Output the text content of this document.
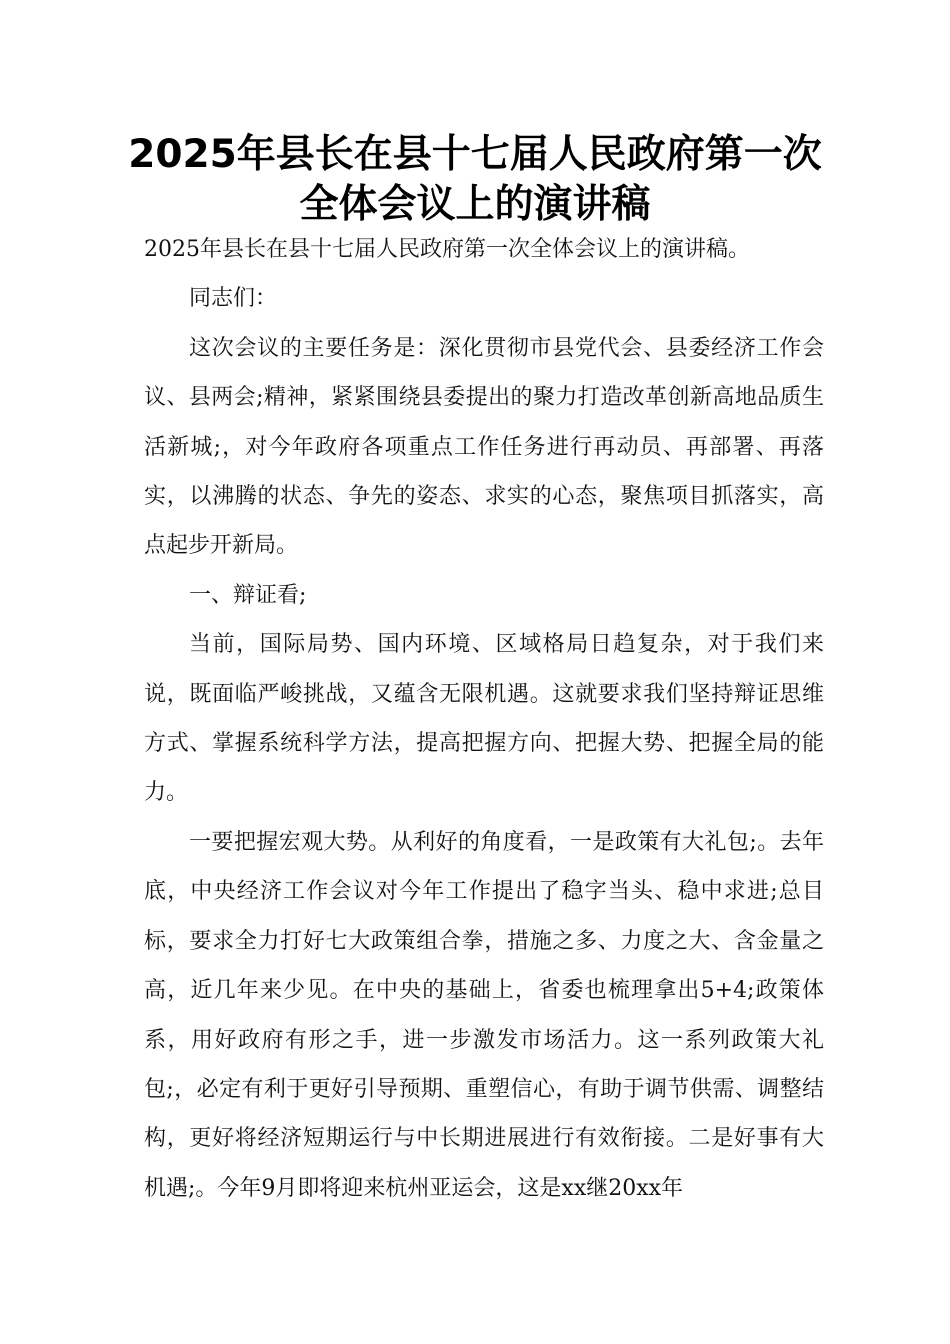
2025年县长在县十七届人民政府第一次
全体会议上的演讲稿

2025年县长在县十七届人民政府第一次全体会议上的演讲稿。

同志们：

这次会议的主要任务是：深化贯彻市县党代会、县委经济工作会议、县两会;精神，紧紧围绕县委提出的聚力打造改革创新高地品质生活新城;，对今年政府各项重点工作任务进行再动员、再部署、再落实，以沸腾的状态、争先的姿态、求实的心态，聚焦项目抓落实，高点起步开新局。

一、辩证看;

当前，国际局势、国内环境、区域格局日趋复杂，对于我们来说，既面临严峻挑战，又蕴含无限机遇。这就要求我们坚持辩证思维方式、掌握系统科学方法，提高把握方向、把握大势、把握全局的能力。

一要把握宏观大势。从利好的角度看，一是政策有大礼包;。去年底，中央经济工作会议对今年工作提出了稳字当头、稳中求进;总目标，要求全力打好七大政策组合拳，措施之多、力度之大、含金量之高，近几年来少见。在中央的基础上，省委也梳理拿出5+4;政策体系，用好政府有形之手，进一步激发市场活力。这一系列政策大礼包;，必定有利于更好引导预期、重塑信心，有助于调节供需、调整结构，更好将经济短期运行与中长期进展进行有效衔接。二是好事有大机遇;。今年9月即将迎来杭州亚运会，这是xx继20xx年
